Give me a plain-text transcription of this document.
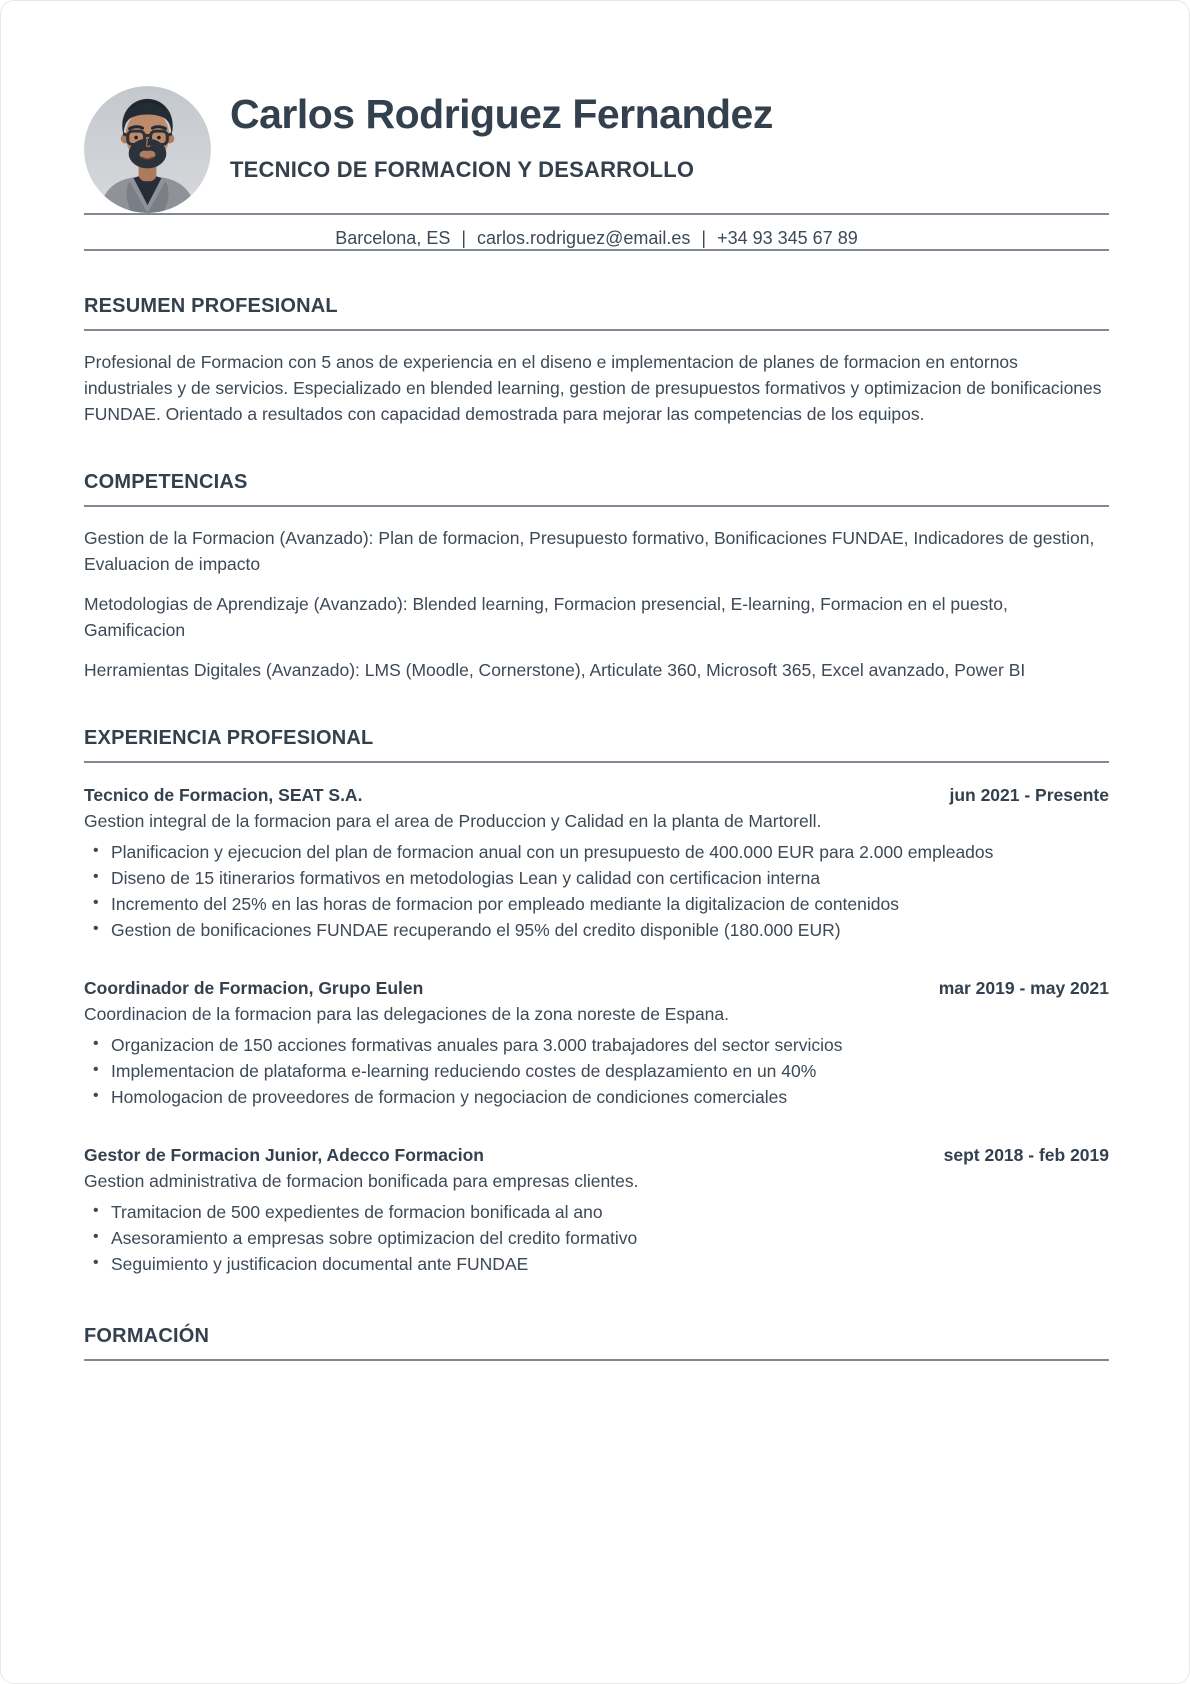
Carlos Rodriguez Fernandez
TECNICO DE FORMACION Y DESARROLLO
Barcelona, ES | carlos.rodriguez@email.es | +34 93 345 67 89
RESUMEN PROFESIONAL

Profesional de Formacion con 5 anos de experiencia en el diseno e implementacion de planes de formacion en entornos industriales y de servicios. Especializado en blended learning, gestion de presupuestos formativos y optimizacion de bonificaciones FUNDAE. Orientado a resultados con capacidad demostrada para mejorar las competencias de los equipos.

COMPETENCIAS

Gestion de la Formacion (Avanzado): Plan de formacion, Presupuesto formativo, Bonificaciones FUNDAE, Indicadores de gestion, Evaluacion de impacto

Metodologias de Aprendizaje (Avanzado): Blended learning, Formacion presencial, E-learning, Formacion en el puesto, Gamificacion

Herramientas Digitales (Avanzado): LMS (Moodle, Cornerstone), Articulate 360, Microsoft 365, Excel avanzado, Power BI

EXPERIENCIA PROFESIONAL
Tecnico de Formacion, SEAT S.A.	jun 2021 - Presente

Gestion integral de la formacion para el area de Produccion y Calidad en la planta de Martorell.

• Planificacion y ejecucion del plan de formacion anual con un presupuesto de 400.000 EUR para 2.000 empleados
• Diseno de 15 itinerarios formativos en metodologias Lean y calidad con certificacion interna
• Incremento del 25% en las horas de formacion por empleado mediante la digitalizacion de contenidos
• Gestion de bonificaciones FUNDAE recuperando el 95% del credito disponible (180.000 EUR)
Coordinador de Formacion, Grupo Eulen	mar 2019 - may 2021

Coordinacion de la formacion para las delegaciones de la zona noreste de Espana.

• Organizacion de 150 acciones formativas anuales para 3.000 trabajadores del sector servicios
• Implementacion de plataforma e-learning reduciendo costes de desplazamiento en un 40%
• Homologacion de proveedores de formacion y negociacion de condiciones comerciales
Gestor de Formacion Junior, Adecco Formacion	sept 2018 - feb 2019

Gestion administrativa de formacion bonificada para empresas clientes.

• Tramitacion de 500 expedientes de formacion bonificada al ano
• Asesoramiento a empresas sobre optimizacion del credito formativo
• Seguimiento y justificacion documental ante FUNDAE
FORMACIÓN
